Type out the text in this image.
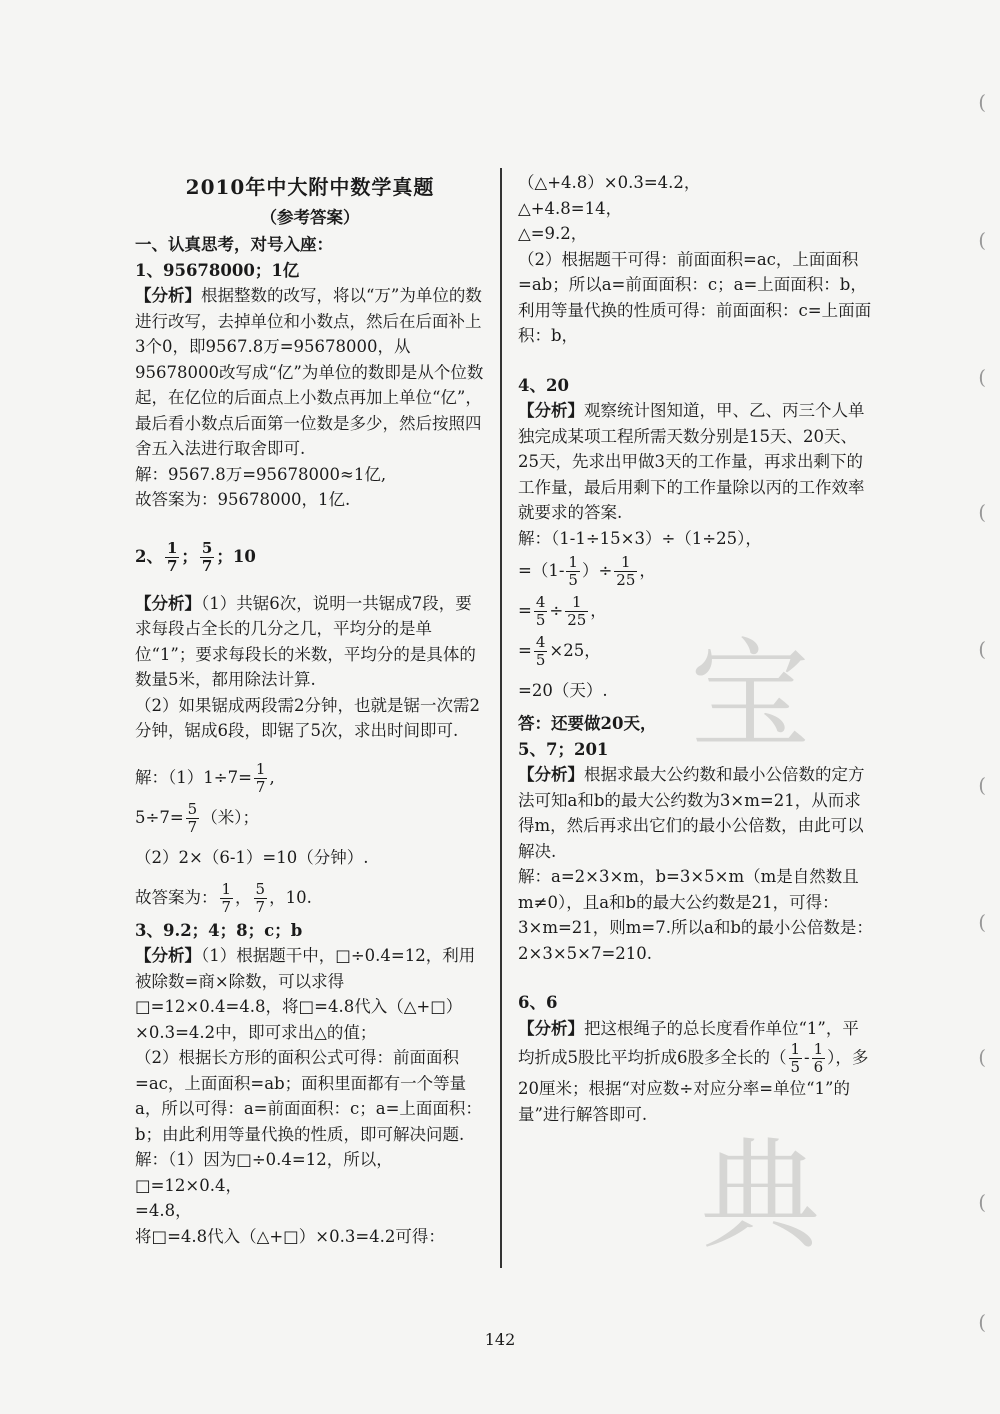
宝
典
(
(
(
(
(
(
(
(
(
(

2010年中大附中数学真题

（参考答案）

一、认真思考，对号入座：

1、95678000；1亿

【分析】根据整数的改写，将以“万”为单位的数进行改写，去掉单位和小数点，然后在后面补上3个0，即9567.8万=95678000，从95678000改写成“亿”为单位的数即是从个位数起，在亿位的后面点上小数点再加上单位“亿”，最后看小数点后面第一位数是多少，然后按照四舍五入法进行取舍即可.

解：9567.8万=95678000≈1亿,

故答案为：95678000，1亿.

2、 $\frac{1}{7}$ ； $\frac{5}{7}$ ；10

【分析】（1）共锯6次，说明一共锯成7段，要求每段占全长的几分之几，平均分的是单位“1”；要求每段长的米数，平均分的是具体的数量5米，都用除法计算.

（2）如果锯成两段需2分钟，也就是锯一次需2分钟，锯成6段，即锯了5次，求出时间即可.

解：$(1)1\div 7= \frac{1}{7}$ ,

$5\div 7= \frac{5}{7}$ （米）；

（2）2×（6-1）=10（分钟）.

故答案为： $\frac{1}{7}$ ， $\frac{5}{7}$ ，10.

3、9.2；4；8；c；b

【分析】（1）根据题干中，□÷0.4=12，利用被除数=商×除数，可以求得□=12×0.4=4.8，将□=4.8代入（△+□）×0.3=4.2中，即可求出△的值；

（2）根据长方形的面积公式可得：前面面积=ac，上面面积=ab；面积里面都有一个等量a，所以可得：a=前面面积：c；a=上面面积：b；由此利用等量代换的性质，即可解决问题.

解：（1）因为□÷0.4=12，所以，

□=12×0.4，

=4.8，

将□=4.8代入（△+□）×0.3=4.2可得：

（△+4.8）×0.3=4.2，

△+4.8=14，

△=9.2，

（2）根据题干可得：前面面积=ac，上面面积=ab；所以a=前面面积：c；a=上面面积：b，利用等量代换的性质可得：前面面积：c=上面面积：b，

4、20

【分析】观察统计图知道，甲、乙、丙三个人单独完成某项工程所需天数分别是15天、20天、25天，先求出甲做3天的工作量，再求出剩下的工作量，最后用剩下的工作量除以丙的工作效率就要求的答案.

解：（1-1÷15×3）÷（1÷25），

$=(1- \frac{1}{5}$ ）÷ $\frac{1}{25}$ ，

= $\frac{4}{5} \div \frac{1}{25}$ ，

= $\frac{4}{5} \times 25$，

=20（天）.

答：还要做20天，

5、7；201

【分析】根据求最大公约数和最小公倍数的定方法可知a和b的最大公约数为3×m=21，从而求得m，然后再求出它们的最小公倍数，由此可以解决.

解：a=2×3×m，b=3×5×m（m是自然数且m≠0），且a和b的最大公约数是21，可得：3×m=21，则m=7.所以a和b的最小公倍数是：2×3×5×7=210.

6、6

【分析】把这根绳子的总长度看作单位“1”，平均折成5股比平均折成6股多全长的（ $\frac{1}{5} - \frac{1}{6}$ ），多20厘米；根据“对应数÷对应分率=单位“1”的量”进行解答即可.

142
